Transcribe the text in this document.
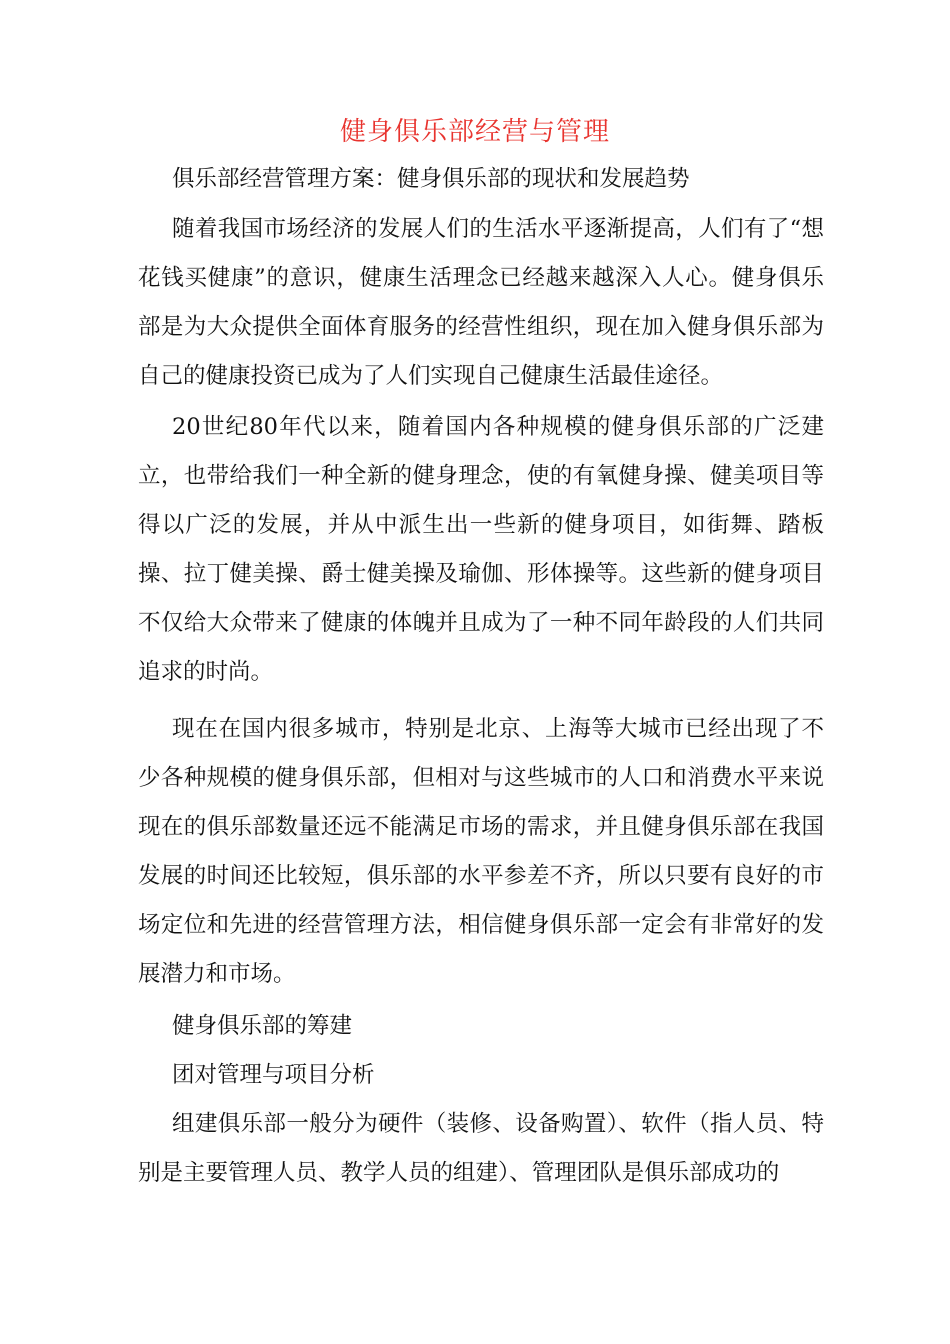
健身俱乐部经营与管理

俱乐部经营管理方案：健身俱乐部的现状和发展趋势

随着我国市场经济的发展人们的生活水平逐渐提高，人们有了“想花钱买健康”的意识，健康生活理念已经越来越深入人心。健身俱乐部是为大众提供全面体育服务的经营性组织，现在加入健身俱乐部为自己的健康投资已成为了人们实现自己健康生活最佳途径。

20世纪80年代以来，随着国内各种规模的健身俱乐部的广泛建立，也带给我们一种全新的健身理念，使的有氧健身操、健美项目等得以广泛的发展，并从中派生出一些新的健身项目，如街舞、踏板操、拉丁健美操、爵士健美操及瑜伽、形体操等。这些新的健身项目不仅给大众带来了健康的体魄并且成为了一种不同年龄段的人们共同追求的时尚。

现在在国内很多城市，特别是北京、上海等大城市已经出现了不少各种规模的健身俱乐部，但相对与这些城市的人口和消费水平来说现在的俱乐部数量还远不能满足市场的需求，并且健身俱乐部在我国发展的时间还比较短，俱乐部的水平参差不齐，所以只要有良好的市场定位和先进的经营管理方法，相信健身俱乐部一定会有非常好的发展潜力和市场。

健身俱乐部的筹建

团对管理与项目分析

组建俱乐部一般分为硬件（装修、设备购置）、软件（指人员、特别是主要管理人员、教学人员的组建）、管理团队是俱乐部成功的
